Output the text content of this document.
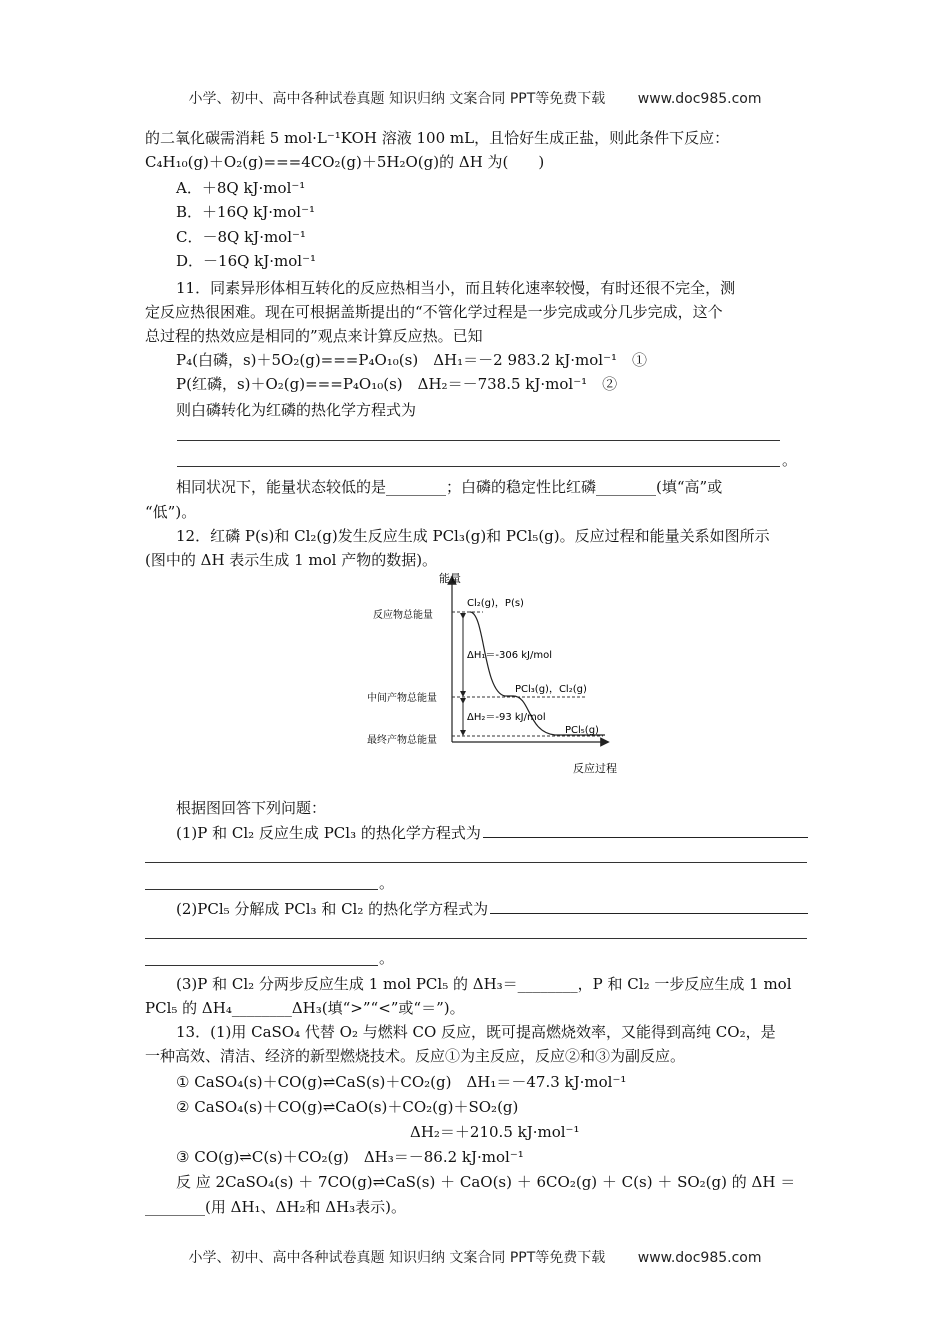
小学、初中、高中各种试卷真题 知识归纳 文案合同 PPT等免费下载 www.doc985.com
的二氧化碳需消耗 5 mol·L⁻¹KOH 溶液 100 mL，且恰好生成正盐，则此条件下反应：
C₄H₁₀(g)＋O₂(g)===4CO₂(g)＋5H₂O(g)的 ΔH 为(　　)
A．＋8Q kJ·mol⁻¹
B．＋16Q kJ·mol⁻¹
C．－8Q kJ·mol⁻¹
D．－16Q kJ·mol⁻¹
11．同素异形体相互转化的反应热相当小，而且转化速率较慢，有时还很不完全，测
定反应热很困难。现在可根据盖斯提出的“不管化学过程是一步完成或分几步完成，这个
总过程的热效应是相同的”观点来计算反应热。已知
P₄(白磷，s)＋5O₂(g)===P₄O₁₀(s)　ΔH₁＝－2 983.2 kJ·mol⁻¹　①
P(红磷，s)＋O₂(g)===P₄O₁₀(s)　ΔH₂＝－738.5 kJ·mol⁻¹　②
则白磷转化为红磷的热化学方程式为
。
相同状况下，能量状态较低的是________；白磷的稳定性比红磷________(填“高”或
“低”)。
12．红磷 P(s)和 Cl₂(g)发生反应生成 PCl₃(g)和 PCl₅(g)。反应过程和能量关系如图所示
(图中的 ΔH 表示生成 1 mol 产物的数据)。
能量
反应过程
反应物总能量
中间产物总能量
最终产物总能量
Cl₂(g)，P(s)
PCl₃(g)，Cl₂(g)
PCl₅(g)
ΔH₁＝-306 kJ/mol
ΔH₂＝-93 kJ/mol
根据图回答下列问题：
(1)P 和 Cl₂ 反应生成 PCl₃ 的热化学方程式为
。
(2)PCl₅ 分解成 PCl₃ 和 Cl₂ 的热化学方程式为
。
(3)P 和 Cl₂ 分两步反应生成 1 mol PCl₅ 的 ΔH₃＝________，P 和 Cl₂ 一步反应生成 1 mol
PCl₅ 的 ΔH₄________ΔH₃(填“>”“<”或“＝”)。
13．(1)用 CaSO₄ 代替 O₂ 与燃料 CO 反应，既可提高燃烧效率，又能得到高纯 CO₂，是
一种高效、清洁、经济的新型燃烧技术。反应①为主反应，反应②和③为副反应。
① CaSO₄(s)＋CO(g)⇌CaS(s)＋CO₂(g)　ΔH₁＝－47.3 kJ·mol⁻¹
② CaSO₄(s)＋CO(g)⇌CaO(s)＋CO₂(g)＋SO₂(g)
ΔH₂＝＋210.5 kJ·mol⁻¹
③ CO(g)⇌C(s)＋CO₂(g)　ΔH₃＝－86.2 kJ·mol⁻¹
反 应 2CaSO₄(s) ＋ 7CO(g)⇌CaS(s) ＋ CaO(s) ＋ 6CO₂(g) ＋ C(s) ＋ SO₂(g) 的 ΔH ＝
________(用 ΔH₁、ΔH₂和 ΔH₃表示)。
小学、初中、高中各种试卷真题 知识归纳 文案合同 PPT等免费下载 www.doc985.com
